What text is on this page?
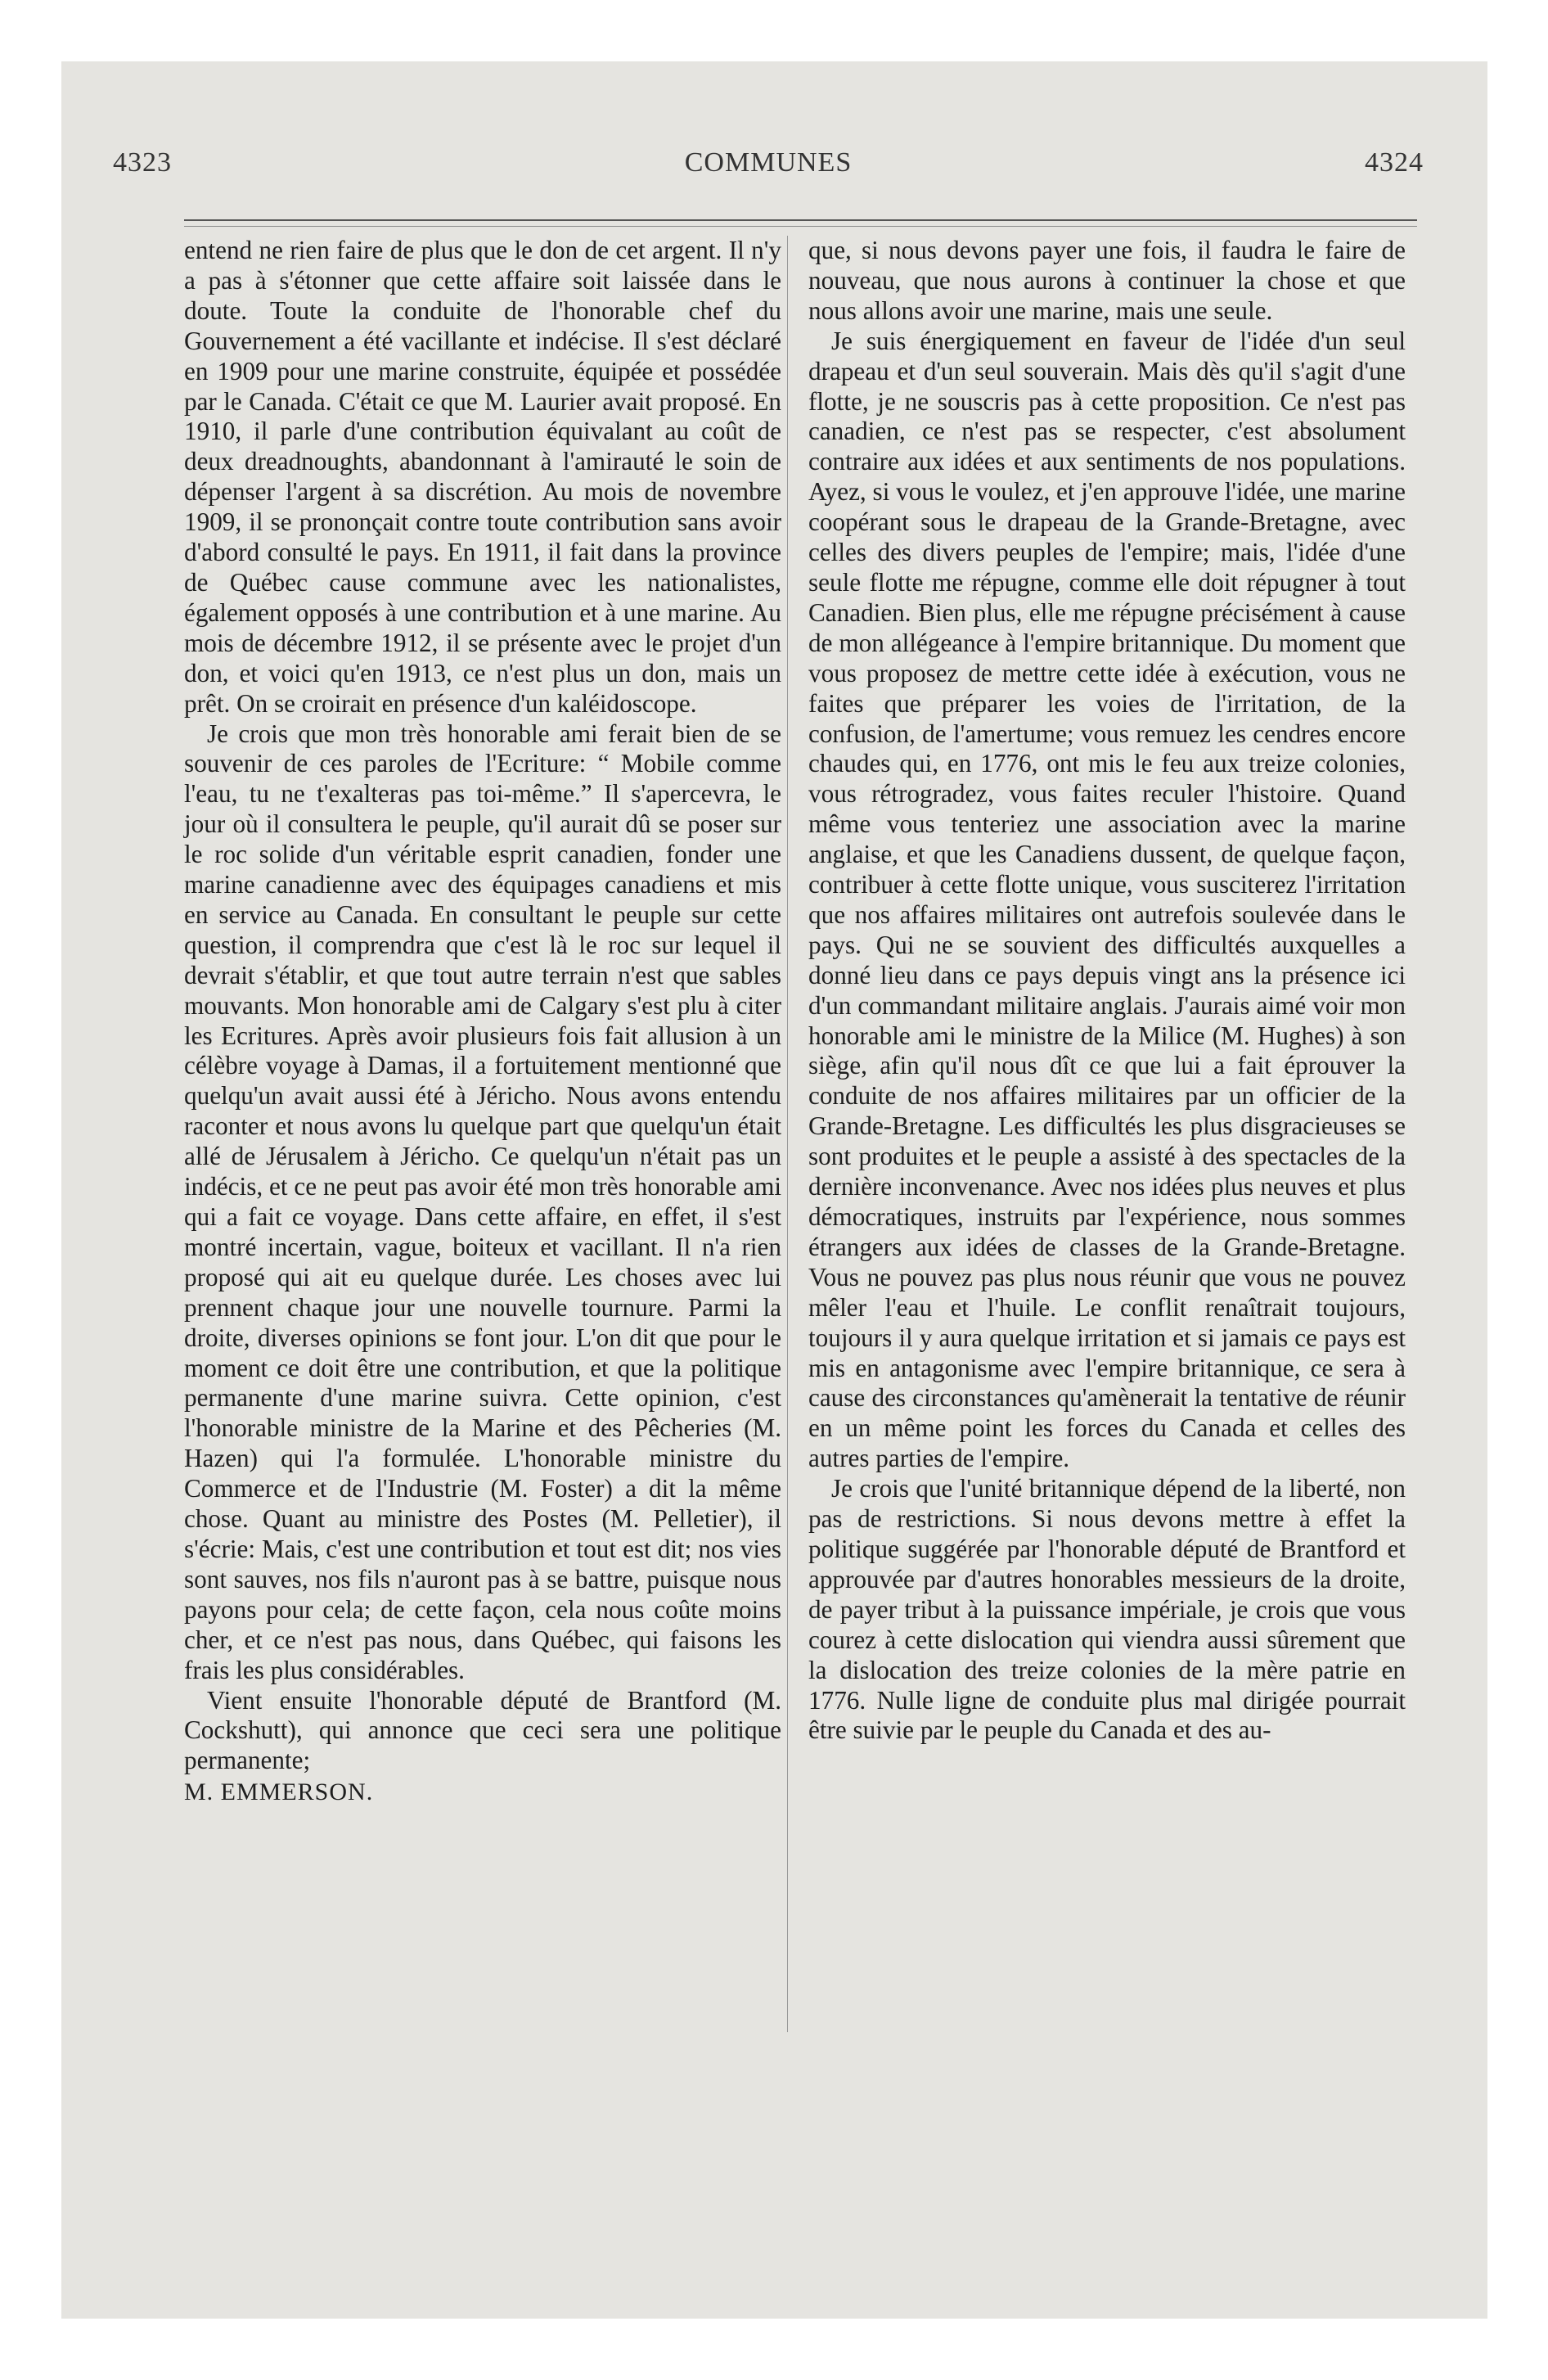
COMMUNES
4323	4324

entend ne rien faire de plus que le don de cet argent. Il n'y a pas à s'étonner que cette affaire soit laissée dans le doute. Toute la conduite de l'honorable chef du Gouvernement a été vacillante et indécise. Il s'est déclaré en 1909 pour une marine construite, équipée et possédée par le Canada. C'était ce que M. Laurier avait proposé. En 1910, il parle d'une contribution équivalant au coût de deux dreadnoughts, abandonnant à l'amirauté le soin de dépenser l'argent à sa discrétion. Au mois de novembre 1909, il se prononçait contre toute contribution sans avoir d'abord consulté le pays. En 1911, il fait dans la province de Québec cause commune avec les nationalistes, également opposés à une contribution et à une marine. Au mois de décembre 1912, il se présente avec le projet d'un don, et voici qu'en 1913, ce n'est plus un don, mais un prêt. On se croirait en présence d'un kaléidoscope.

Je crois que mon très honorable ami ferait bien de se souvenir de ces paroles de l'Ecriture: “ Mobile comme l'eau, tu ne t'exalteras pas toi-même.” Il s'apercevra, le jour où il consultera le peuple, qu'il aurait dû se poser sur le roc solide d'un véritable esprit canadien, fonder une marine canadienne avec des équipages canadiens et mis en service au Canada. En consultant le peuple sur cette question, il comprendra que c'est là le roc sur lequel il devrait s'établir, et que tout autre terrain n'est que sables mouvants. Mon honorable ami de Calgary s'est plu à citer les Ecritures. Après avoir plusieurs fois fait allusion à un célèbre voyage à Damas, il a fortuitement mentionné que quelqu'un avait aussi été à Jéricho. Nous avons entendu raconter et nous avons lu quelque part que quelqu'un était allé de Jérusalem à Jéricho. Ce quelqu'un n'était pas un indécis, et ce ne peut pas avoir été mon très honorable ami qui a fait ce voyage. Dans cette affaire, en effet, il s'est montré incertain, vague, boiteux et vacillant. Il n'a rien proposé qui ait eu quelque durée. Les choses avec lui prennent chaque jour une nouvelle tournure. Parmi la droite, diverses opinions se font jour. L'on dit que pour le moment ce doit être une contribution, et que la politique permanente d'une marine suivra. Cette opinion, c'est l'honorable ministre de la Marine et des Pêcheries (M. Hazen) qui l'a formulée. L'honorable ministre du Commerce et de l'Industrie (M. Foster) a dit la même chose. Quant au ministre des Postes (M. Pelletier), il s'écrie: Mais, c'est une contribution et tout est dit; nos vies sont sauves, nos fils n'auront pas à se battre, puisque nous payons pour cela; de cette façon, cela nous coûte moins cher, et ce n'est pas nous, dans Québec, qui faisons les frais les plus considérables.

Vient ensuite l'honorable député de Brantford (M. Cockshutt), qui annonce que ceci sera une politique permanente;

M. EMMERSON.

que, si nous devons payer une fois, il faudra le faire de nouveau, que nous aurons à continuer la chose et que nous allons avoir une marine, mais une seule.

Je suis énergiquement en faveur de l'idée d'un seul drapeau et d'un seul souverain. Mais dès qu'il s'agit d'une flotte, je ne souscris pas à cette proposition. Ce n'est pas canadien, ce n'est pas se respecter, c'est absolument contraire aux idées et aux sentiments de nos populations. Ayez, si vous le voulez, et j'en approuve l'idée, une marine coopérant sous le drapeau de la Grande-Bretagne, avec celles des divers peuples de l'empire; mais, l'idée d'une seule flotte me répugne, comme elle doit répugner à tout Canadien. Bien plus, elle me répugne précisément à cause de mon allégeance à l'empire britannique. Du moment que vous proposez de mettre cette idée à exécution, vous ne faites que préparer les voies de l'irritation, de la confusion, de l'amertume; vous remuez les cendres encore chaudes qui, en 1776, ont mis le feu aux treize colonies, vous rétrogradez, vous faites reculer l'histoire. Quand même vous tenteriez une association avec la marine anglaise, et que les Canadiens dussent, de quelque façon, contribuer à cette flotte unique, vous susciterez l'irritation que nos affaires militaires ont autrefois soulevée dans le pays. Qui ne se souvient des difficultés auxquelles a donné lieu dans ce pays depuis vingt ans la présence ici d'un commandant militaire anglais. J'aurais aimé voir mon honorable ami le ministre de la Milice (M. Hughes) à son siège, afin qu'il nous dît ce que lui a fait éprouver la conduite de nos affaires militaires par un officier de la Grande-Bretagne. Les difficultés les plus disgracieuses se sont produites et le peuple a assisté à des spectacles de la dernière inconvenance. Avec nos idées plus neuves et plus démocratiques, instruits par l'expérience, nous sommes étrangers aux idées de classes de la Grande-Bretagne. Vous ne pouvez pas plus nous réunir que vous ne pouvez mêler l'eau et l'huile. Le conflit renaîtrait toujours, toujours il y aura quelque irritation et si jamais ce pays est mis en antagonisme avec l'empire britannique, ce sera à cause des circonstances qu'amènerait la tentative de réunir en un même point les forces du Canada et celles des autres parties de l'empire.

Je crois que l'unité britannique dépend de la liberté, non pas de restrictions. Si nous devons mettre à effet la politique suggérée par l'honorable député de Brantford et approuvée par d'autres honorables messieurs de la droite, de payer tribut à la puissance impériale, je crois que vous courez à cette dislocation qui viendra aussi sûrement que la dislocation des treize colonies de la mère patrie en 1776. Nulle ligne de conduite plus mal dirigée pourrait être suivie par le peuple du Canada et des au-
